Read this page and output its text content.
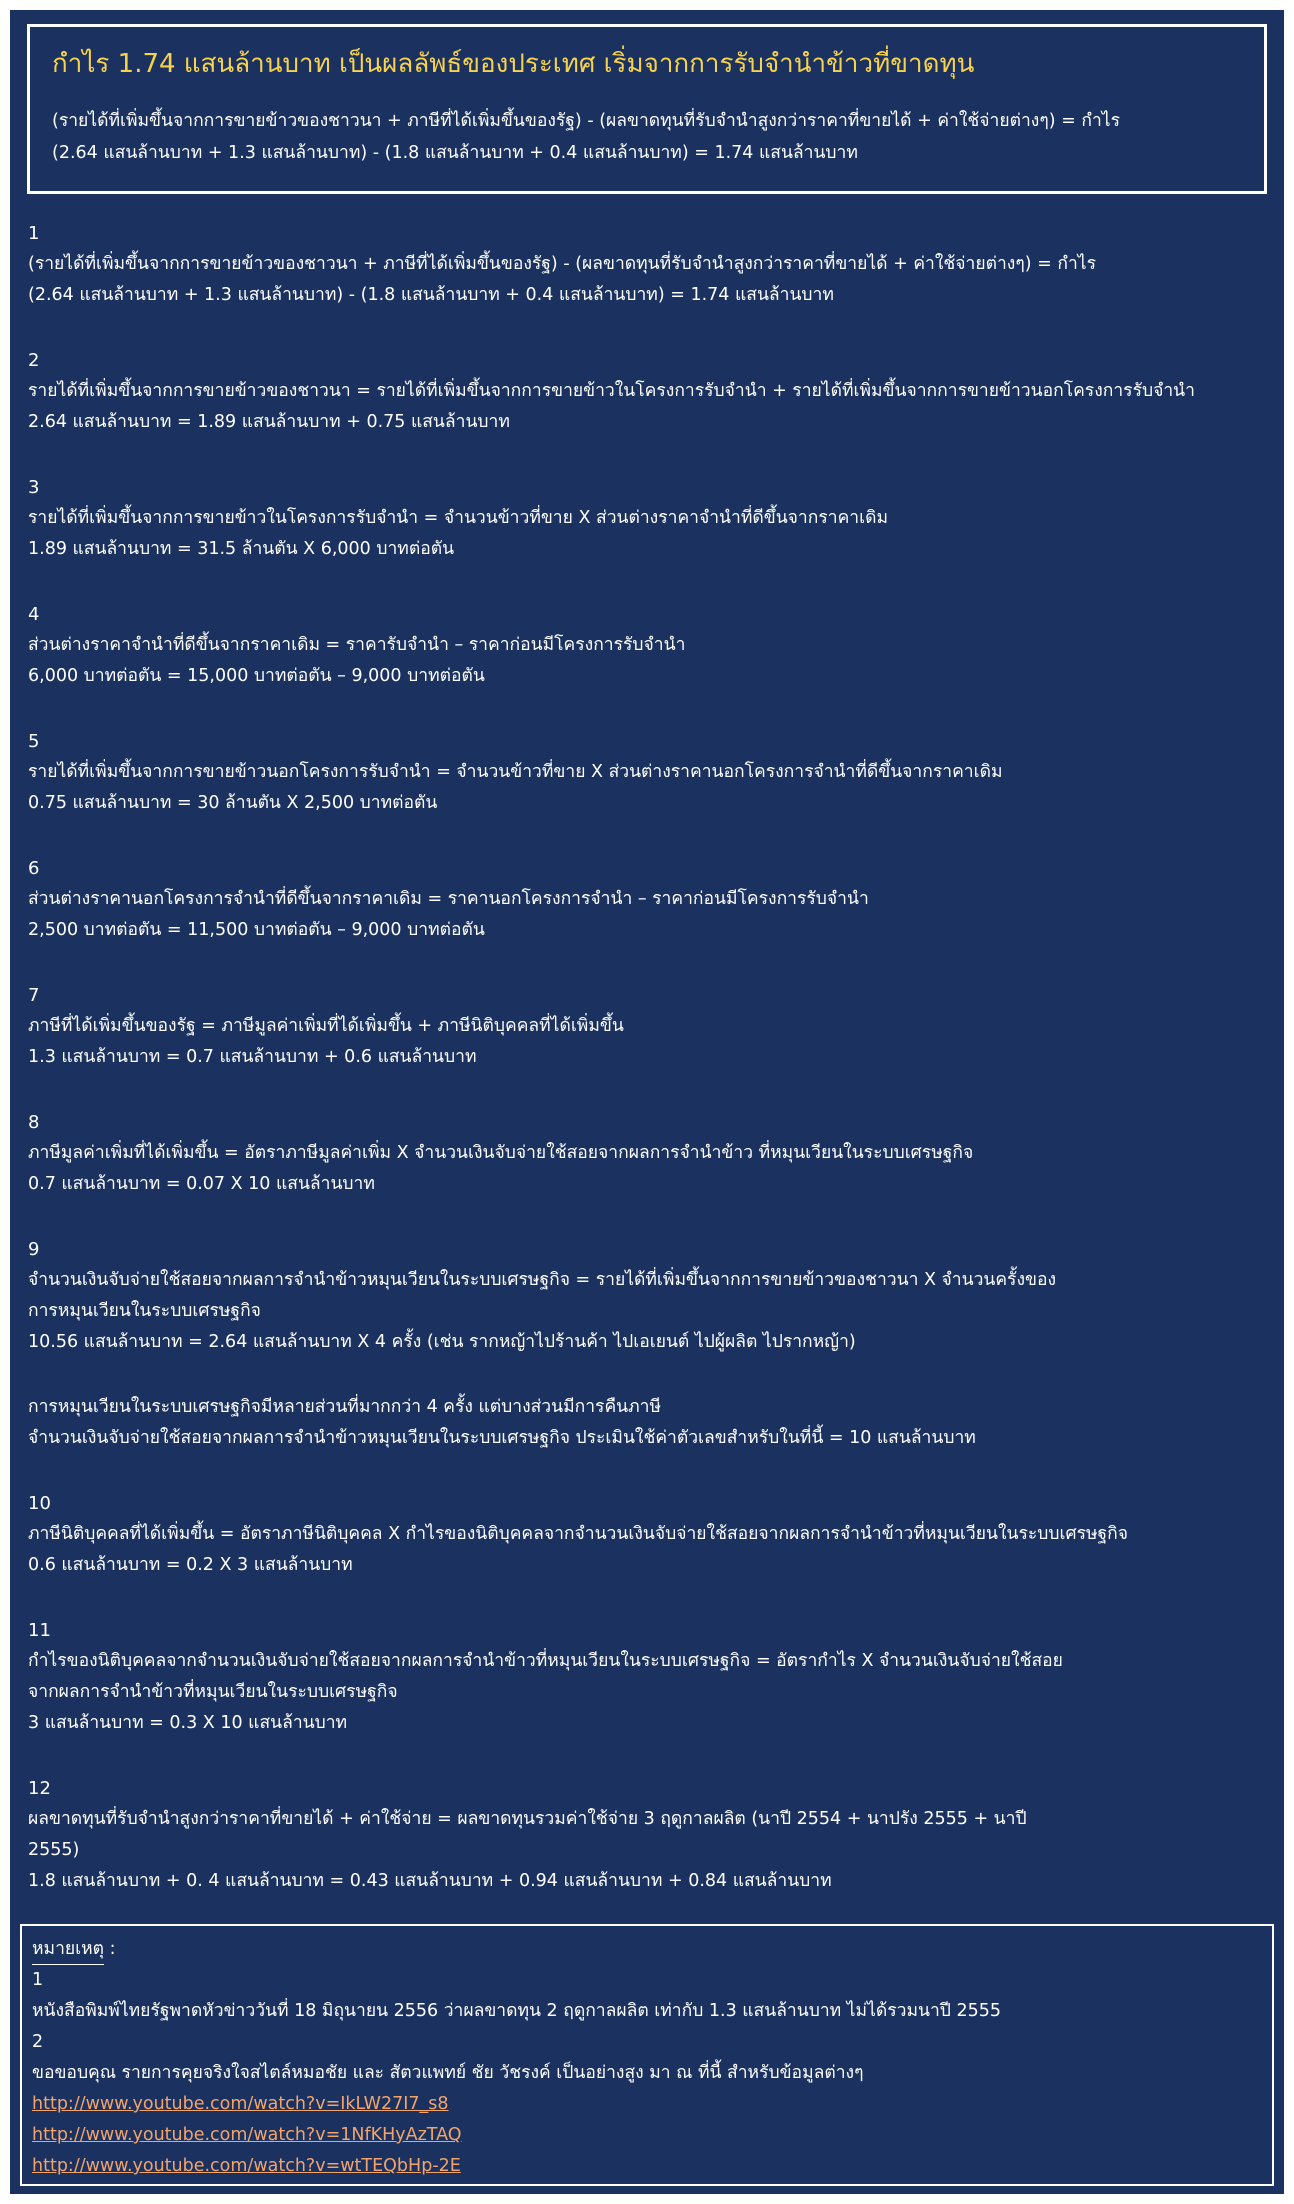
กำไร 1.74 แสนล้านบาท เป็นผลลัพธ์ของประเทศ เริ่มจากการรับจำนำข้าวที่ขาดทุน
(รายได้ที่เพิ่มขึ้นจากการขายข้าวของชาวนา + ภาษีที่ได้เพิ่มขึ้นของรัฐ) - (ผลขาดทุนที่รับจำนำสูงกว่าราคาที่ขายได้ + ค่าใช้จ่ายต่างๆ) = กำไร
(2.64 แสนล้านบาท + 1.3 แสนล้านบาท) - (1.8 แสนล้านบาท + 0.4 แสนล้านบาท) = 1.74 แสนล้านบาท
1
(รายได้ที่เพิ่มขึ้นจากการขายข้าวของชาวนา + ภาษีที่ได้เพิ่มขึ้นของรัฐ) - (ผลขาดทุนที่รับจำนำสูงกว่าราคาที่ขายได้ + ค่าใช้จ่ายต่างๆ) = กำไร
(2.64 แสนล้านบาท + 1.3 แสนล้านบาท) - (1.8 แสนล้านบาท + 0.4 แสนล้านบาท) = 1.74 แสนล้านบาท
2
รายได้ที่เพิ่มขึ้นจากการขายข้าวของชาวนา = รายได้ที่เพิ่มขึ้นจากการขายข้าวในโครงการรับจำนำ + รายได้ที่เพิ่มขึ้นจากการขายข้าวนอกโครงการรับจำนำ
2.64 แสนล้านบาท = 1.89 แสนล้านบาท + 0.75 แสนล้านบาท
3
รายได้ที่เพิ่มขึ้นจากการขายข้าวในโครงการรับจำนำ = จำนวนข้าวที่ขาย X ส่วนต่างราคาจำนำที่ดีขึ้นจากราคาเดิม
1.89 แสนล้านบาท = 31.5 ล้านตัน X 6,000 บาทต่อตัน
4
ส่วนต่างราคาจำนำที่ดีขึ้นจากราคาเดิม = ราคารับจำนำ – ราคาก่อนมีโครงการรับจำนำ
6,000 บาทต่อตัน = 15,000 บาทต่อตัน – 9,000 บาทต่อตัน
5
รายได้ที่เพิ่มขึ้นจากการขายข้าวนอกโครงการรับจำนำ = จำนวนข้าวที่ขาย X ส่วนต่างราคานอกโครงการจำนำที่ดีขึ้นจากราคาเดิม
0.75 แสนล้านบาท = 30 ล้านตัน X 2,500 บาทต่อตัน
6
ส่วนต่างราคานอกโครงการจำนำที่ดีขึ้นจากราคาเดิม = ราคานอกโครงการจำนำ – ราคาก่อนมีโครงการรับจำนำ
2,500 บาทต่อตัน = 11,500 บาทต่อตัน – 9,000 บาทต่อตัน
7
ภาษีที่ได้เพิ่มขึ้นของรัฐ = ภาษีมูลค่าเพิ่มที่ได้เพิ่มขึ้น + ภาษีนิติบุคคลที่ได้เพิ่มขึ้น
1.3 แสนล้านบาท = 0.7 แสนล้านบาท + 0.6 แสนล้านบาท
8
ภาษีมูลค่าเพิ่มที่ได้เพิ่มขึ้น = อัตราภาษีมูลค่าเพิ่ม X จำนวนเงินจับจ่ายใช้สอยจากผลการจำนำข้าว ที่หมุนเวียนในระบบเศรษฐกิจ
0.7 แสนล้านบาท = 0.07 X 10 แสนล้านบาท
9
จำนวนเงินจับจ่ายใช้สอยจากผลการจำนำข้าวหมุนเวียนในระบบเศรษฐกิจ = รายได้ที่เพิ่มขึ้นจากการขายข้าวของชาวนา X จำนวนครั้งของ
การหมุนเวียนในระบบเศรษฐกิจ
10.56 แสนล้านบาท = 2.64 แสนล้านบาท X 4 ครั้ง (เช่น รากหญ้าไปร้านค้า ไปเอเยนต์ ไปผู้ผลิต ไปรากหญ้า)
การหมุนเวียนในระบบเศรษฐกิจมีหลายส่วนที่มากกว่า 4 ครั้ง แต่บางส่วนมีการคืนภาษี
จำนวนเงินจับจ่ายใช้สอยจากผลการจำนำข้าวหมุนเวียนในระบบเศรษฐกิจ ประเมินใช้ค่าตัวเลขสำหรับในที่นี้ = 10 แสนล้านบาท
10
ภาษีนิติบุคคลที่ได้เพิ่มขึ้น = อัตราภาษีนิติบุคคล X กำไรของนิติบุคคลจากจำนวนเงินจับจ่ายใช้สอยจากผลการจำนำข้าวที่หมุนเวียนในระบบเศรษฐกิจ
0.6 แสนล้านบาท = 0.2 X 3 แสนล้านบาท
11
กำไรของนิติบุคคลจากจำนวนเงินจับจ่ายใช้สอยจากผลการจำนำข้าวที่หมุนเวียนในระบบเศรษฐกิจ = อัตรากำไร X จำนวนเงินจับจ่ายใช้สอย
จากผลการจำนำข้าวที่หมุนเวียนในระบบเศรษฐกิจ
3 แสนล้านบาท = 0.3 X 10 แสนล้านบาท
12
ผลขาดทุนที่รับจำนำสูงกว่าราคาที่ขายได้ + ค่าใช้จ่าย = ผลขาดทุนรวมค่าใช้จ่าย 3 ฤดูกาลผลิต (นาปี 2554 + นาปรัง 2555 + นาปี
2555)
1.8 แสนล้านบาท + 0. 4 แสนล้านบาท = 0.43 แสนล้านบาท + 0.94 แสนล้านบาท + 0.84 แสนล้านบาท
หมายเหตุ :
1
หนังสือพิมพ์ไทยรัฐพาดหัวข่าววันที่ 18 มิถุนายน 2556 ว่าผลขาดทุน 2 ฤดูกาลผลิต เท่ากับ 1.3 แสนล้านบาท ไม่ได้รวมนาปี 2555
2
ขอขอบคุณ รายการคุยจริงใจสไตล์หมอชัย และ สัตวแพทย์ ชัย วัชรงค์ เป็นอย่างสูง มา ณ ที่นี้ สำหรับข้อมูลต่างๆ
http://www.youtube.com/watch?v=IkLW27I7_s8
http://www.youtube.com/watch?v=1NfKHyAzTAQ
http://www.youtube.com/watch?v=wtTEQbHp-2E
